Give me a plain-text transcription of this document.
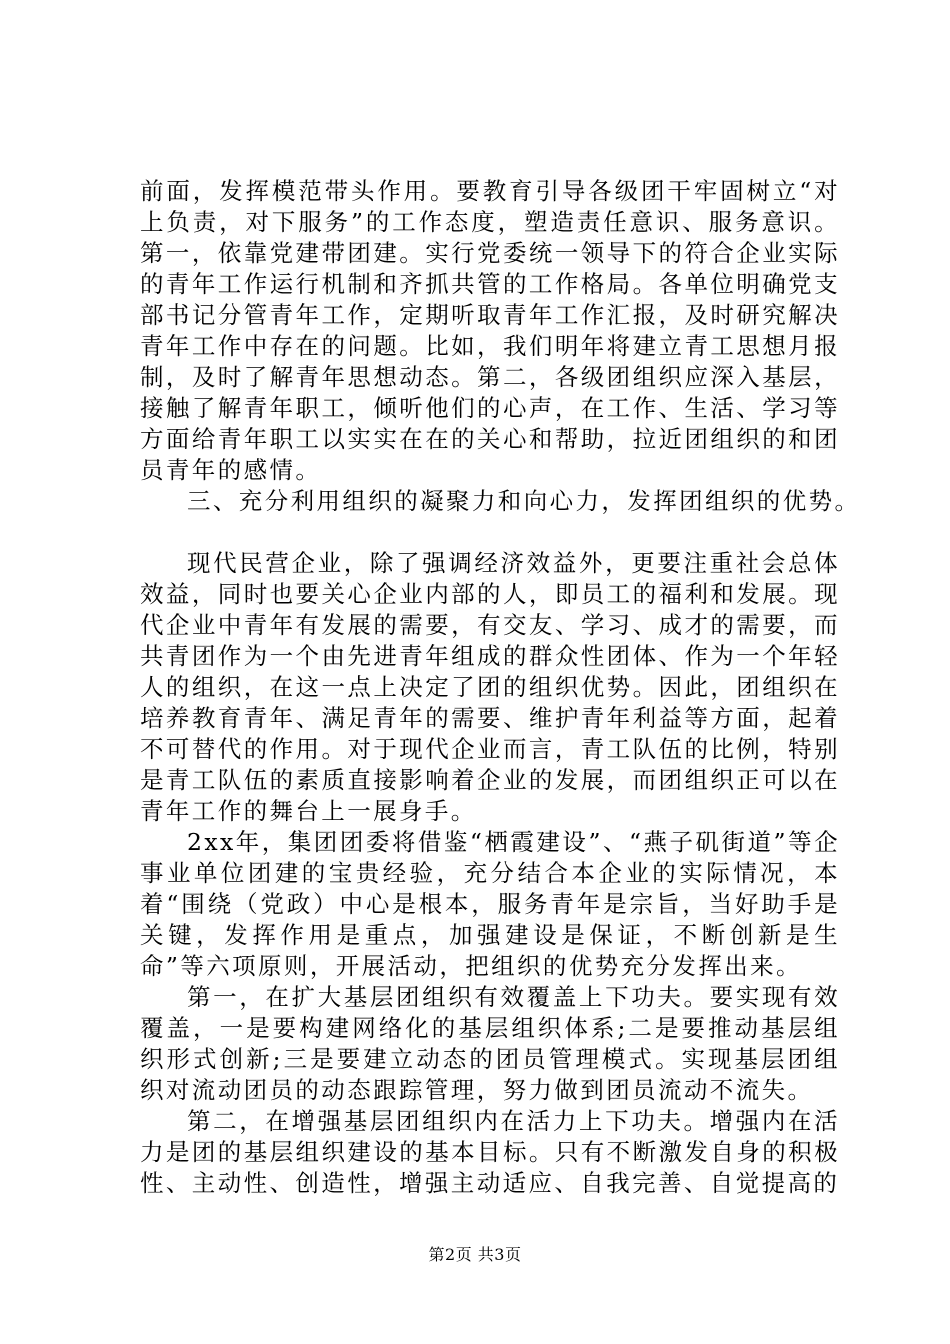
前面，发挥模范带头作用。要教育引导各级团干牢固树立“对上负责，对下服务”的工作态度，塑造责任意识、服务意识。第一，依靠党建带团建。实行党委统一领导下的符合企业实际的青年工作运行机制和齐抓共管的工作格局。各单位明确党支部书记分管青年工作，定期听取青年工作汇报，及时研究解决青年工作中存在的问题。比如，我们明年将建立青工思想月报制，及时了解青年思想动态。第二，各级团组织应深入基层，接触了解青年职工，倾听他们的心声，在工作、生活、学习等方面给青年职工以实实在在的关心和帮助，拉近团组织的和团员青年的感情。

三、充分利用组织的凝聚力和向心力，发挥团组织的优势。

现代民营企业，除了强调经济效益外，更要注重社会总体效益，同时也要关心企业内部的人，即员工的福利和发展。现代企业中青年有发展的需要，有交友、学习、成才的需要，而共青团作为一个由先进青年组成的群众性团体、作为一个年轻人的组织，在这一点上决定了团的组织优势。因此，团组织在培养教育青年、满足青年的需要、维护青年利益等方面，起着不可替代的作用。对于现代企业而言，青工队伍的比例，特别是青工队伍的素质直接影响着企业的发展，而团组织正可以在青年工作的舞台上一展身手。

2xx年，集团团委将借鉴“栖霞建设”、“燕子矶街道”等企事业单位团建的宝贵经验，充分结合本企业的实际情况，本着“围绕（党政）中心是根本，服务青年是宗旨，当好助手是关键，发挥作用是重点，加强建设是保证，不断创新是生命”等六项原则，开展活动，把组织的优势充分发挥出来。

第一，在扩大基层团组织有效覆盖上下功夫。要实现有效覆盖，一是要构建网络化的基层组织体系;二是要推动基层组织形式创新;三是要建立动态的团员管理模式。实现基层团组织对流动团员的动态跟踪管理，努力做到团员流动不流失。

第二，在增强基层团组织内在活力上下功夫。增强内在活力是团的基层组织建设的基本目标。只有不断激发自身的积极性、主动性、创造性，增强主动适应、自我完善、自觉提高的

第2页 共3页
